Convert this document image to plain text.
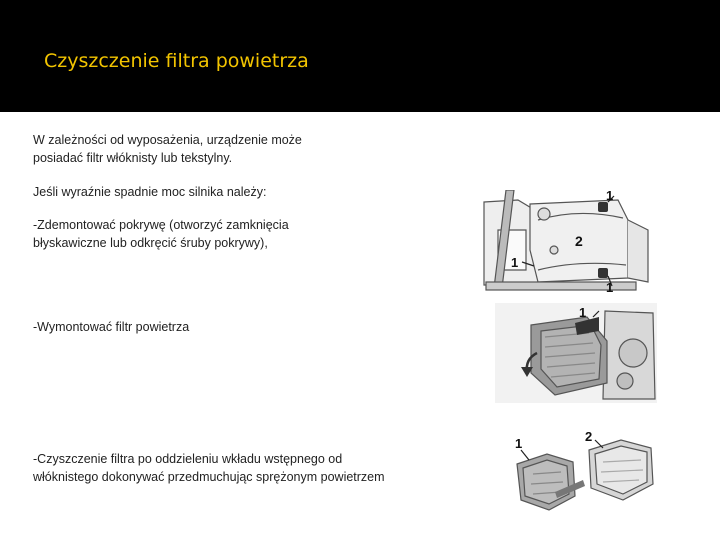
Czyszczenie filtra powietrza

W zależności od wyposażenia, urządzenie może posiadać filtr włóknisty lub tekstylny.

Jeśli wyraźnie spadnie moc silnika należy:

-Zdemontować pokrywę (otworzyć zamknięcia błyskawiczne lub odkręcić śruby pokrywy),

-Wymontować filtr powietrza

-Czyszczenie filtra po oddzieleniu wkładu wstępnego od włóknistego dokonywać przedmuchując sprężonym powietrzem

1
2
1
1
1
1	2
